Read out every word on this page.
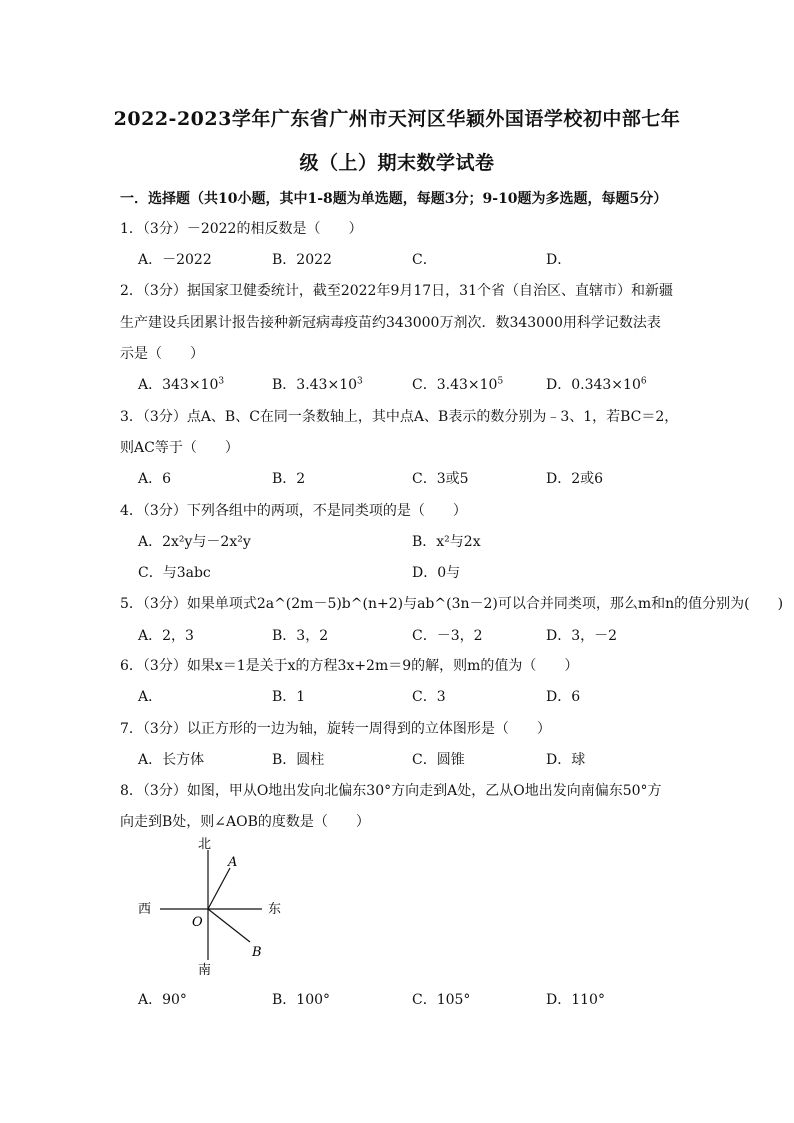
2022-2023学年广东省广州市天河区华颖外国语学校初中部七年
级（上）期末数学试卷
一．选择题（共10小题，其中1-8题为单选题，每题3分；9-10题为多选题，每题5分）
1．（3分）－2022的相反数是（　　）
A．－2022	B．2022	C．	D．
2．（3分）据国家卫健委统计，截至2022年9月17日，31个省（自治区、直辖市）和新疆
生产建设兵团累计报告接种新冠病毒疫苗约343000万剂次．数343000用科学记数法表
示是（　　）
A．$343\times 10^3$	B．$3.43\times 10^3$	C．$3.43\times 10^5$	D．$0.343\times 10^6$
3．（3分）点A、B、C在同一条数轴上，其中点A、B表示的数分别为﹣3、1，若BC＝2，
则AC等于（　　）
A．6	B．2	C．3或5	D．2或6
4．（3分）下列各组中的两项，不是同类项的是（　　）
A．2x²y与－2x²y	B．x²与2x
C．与3abc	D．0与
5．（3分）如果单项式2a^(2m－5)b^(n+2)与ab^(3n－2)可以合并同类项，那么m和n的值分别为(　　)
A．2，3	B．3，2	C．－3，2	D．3，－2
6．（3分）如果x＝1是关于x的方程3x+2m＝9的解，则m的值为（　　）
A．	B．1	C．3	D．6
7．（3分）以正方形的一边为轴，旋转一周得到的立体图形是（　　）
A．长方体	B．圆柱	C．圆锥	D．球
8．（3分）如图，甲从O地出发向北偏东30°方向走到A处，乙从O地出发向南偏东50°方
向走到B处，则∠AOB的度数是（　　）
北
南
西	东
O
A
B
A．90°	B．100°	C．105°	D．110°
